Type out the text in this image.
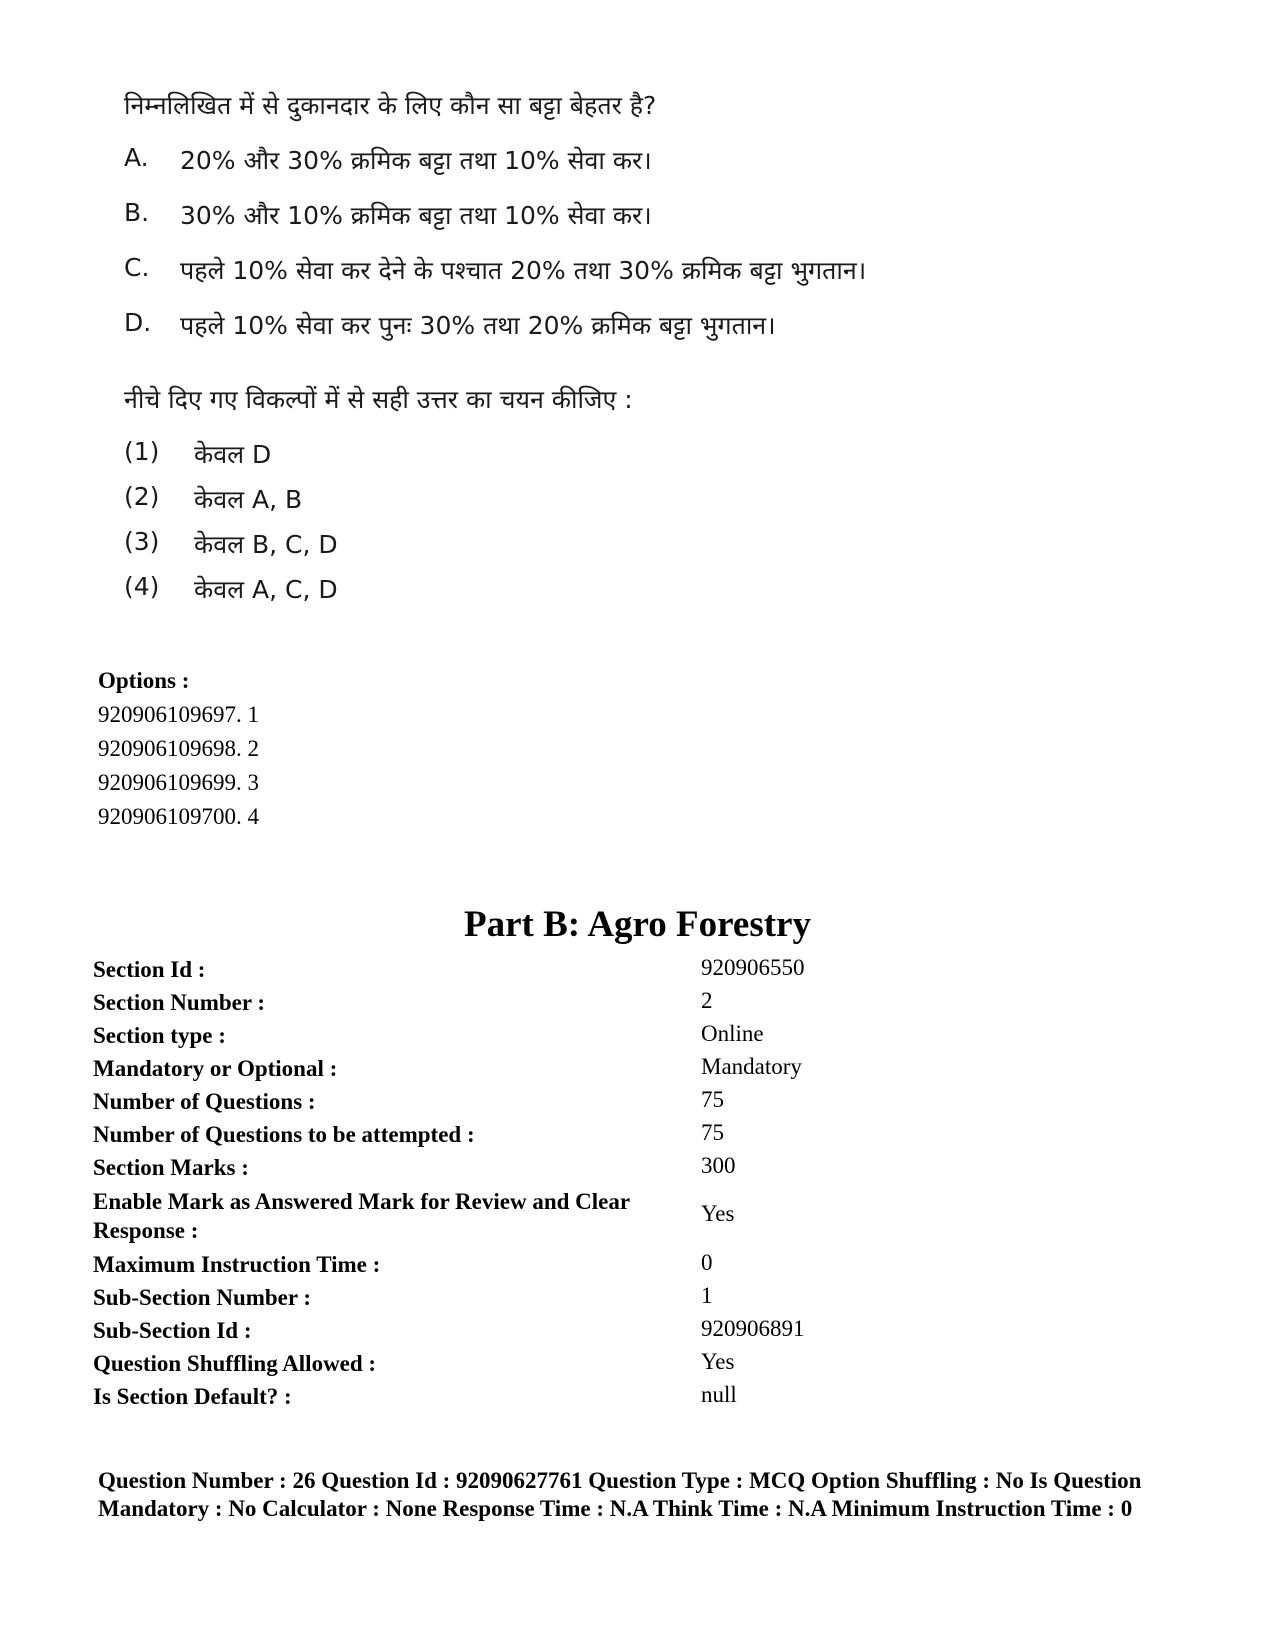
निम्नलिखित में से दुकानदार के लिए कौन सा बट्टा बेहतर है?
A. 20% और 30% क्रमिक बट्टा तथा 10% सेवा कर।
B. 30% और 10% क्रमिक बट्टा तथा 10% सेवा कर।
C. पहले 10% सेवा कर देने के पश्चात 20% तथा 30% क्रमिक बट्टा भुगतान।
D. पहले 10% सेवा कर पुनः 30% तथा 20% क्रमिक बट्टा भुगतान।
नीचे दिए गए विकल्पों में से सही उत्तर का चयन कीजिए :
(1) केवल D
(2) केवल A, B
(3) केवल B, C, D
(4) केवल A, C, D
Options :
920906109697. 1
920906109698. 2
920906109699. 3
920906109700. 4
Part B: Agro Forestry
Section Id :	920906550
Section Number :	2
Section type :	Online
Mandatory or Optional :	Mandatory
Number of Questions :	75
Number of Questions to be attempted :	75
Section Marks :	300
Enable Mark as Answered Mark for Review and Clear Response :
Yes
Maximum Instruction Time :	0
Sub-Section Number :	1
Sub-Section Id :	920906891
Question Shuffling Allowed :	Yes
Is Section Default? :	null
Question Number : 26 Question Id : 92090627761 Question Type : MCQ Option Shuffling : No Is Question Mandatory : No Calculator : None Response Time : N.A Think Time : N.A Minimum Instruction Time : 0
